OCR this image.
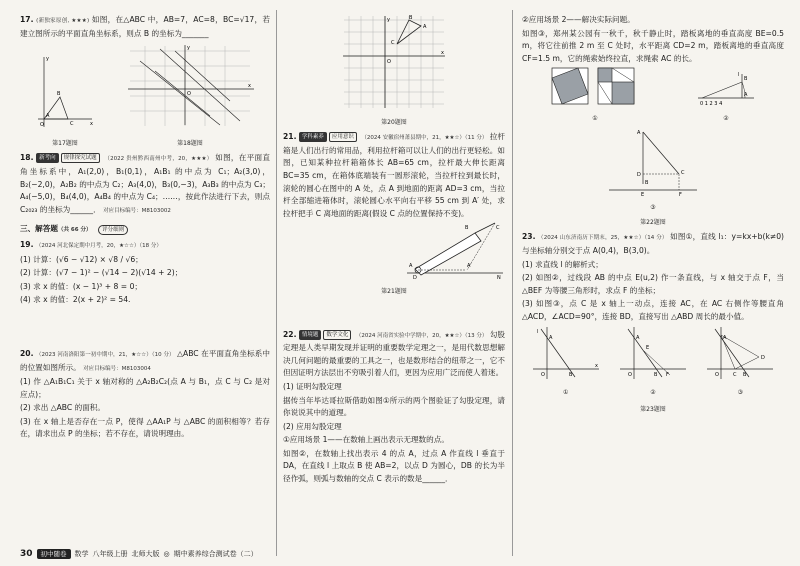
17. (新独家原创, ★★★) 如图，在△ABC 中，AB=7，AC=8，BC=√17，若建立图所示的平面直角坐标系，则点 B 的坐标为_______

O	C
B
A
x
y
第17题图
x
y
O
第18题图

18. 新考向 规律探究试题 （2022 贵州黔西南州中考，20，★★★） 如图，在平面直角坐标系中，A₁(2,0)，B₁(0,1)，A₁B₁ 的中点为 C₁；A₂(3,0)，B₂(−2,0)，A₂B₂ 的中点为 C₂；A₃(4,0)，B₃(0,−3)，A₃B₃ 的中点为 C₃；A₄(−5,0)，B₄(4,0)，A₄B₄ 的中点为 C₄；……，按此作法进行下去，则点 C₂₀₂₃ 的坐标为______． 对应目标编号：M8103002

三、解答题（共 66 分） 评分细则

19. （2024 河北保定期中月考，20，★☆☆）（18 分）

(1) 计算：(√6 − √12) × √8 / √6；

(2) 计算：(√7 − 1)² − (√14 − 2)(√14 + 2)；

(3) 求 x 的值：(x − 1)³ + 8 = 0；

(4) 求 x 的值：2(x + 2)² = 54.

20. （2023 河南洛阳第一初中期中，21，★☆☆）（10 分） △ABC 在平面直角坐标系中的位置如图所示。 对应目标编号：M8103004

(1) 作 △A₁B₁C₁ 关于 x 轴对称的 △A₂B₂C₂(点 A 与 B₁，点 C 与 C₂ 是对应点)；

(2) 求出 △ABC 的面积。

(3) 在 x 轴上是否存在一点 P，使得 △AA₁P 与 △ABC 的面积相等？若存在，请求出点 P 的坐标；若不存在，请说明理由。

O
x
y
A
B
C
第20题图

21. 学科素养 应用意识 （2024 安徽宿州萧县期中，21，★★☆）（11 分） 拉杆箱是人们出行的常用品，利用拉杆箱可以让人们的出行更轻松。如图，已知某种拉杆箱箱体长 AB=65 cm，拉杆最大伸长距离 BC=35 cm，在箱体底端装有一圆形滚轮，当拉杆拉到最长时，滚轮的圆心在图中的 A 处，点 A 到地面的距离 AD=3 cm，当拉杆全部缩进箱体时，滚轮圆心水平向右平移 55 cm 到 A′ 处，求拉杆把手 C 离地面的距离(假设 C 点的位置保持不变)。

C
B
A	A′
D	N
第21题图

22. 情境题 数学文化 （2024 河南省实验中学期中，20，★★☆）（13 分） 勾股定理是人类早期发现并证明的重要数学定理之一，是用代数思想解决几何问题的最重要的工具之一，也是数形结合的纽带之一，它不但因证明方法层出不穷吸引着人们，更因为应用广泛而使人着迷。

(1) 证明勾股定理

据传当年毕达哥拉斯借助如图①所示的两个图验证了勾股定理，请你说说其中的道理。

(2) 应用勾股定理

①应用场景 1——在数轴上画出表示无理数的点。

如图②，在数轴上找出表示 4 的点 A，过点 A 作直线 l 垂直于 DA，在直线 l 上取点 B 使 AB=2，以点 D 为圆心，DB 的长为半径作弧，则弧与数轴的交点 C 表示的数是______．

②应用场景 2——解决实际问题。

如图③，郑州某公园有一秋千，秋千静止时，踏板离地的垂直高度 BE=0.5 m，将它往前推 2 m 至 C 处时，水平距离 CD=2 m，踏板离地的垂直高度 CF=1.5 m，它的绳索始终拉直，求绳索 AC 的长。

①
0 1 2 3 4
B
A
l
②
A
B
C
D
E	F
③
第22题图

23. （2024 山东济南历下期末，25，★★☆）（14 分） 如图①，直线 l₁：y=kx+b(k≠0) 与坐标轴分别交于点 A(0,4)，B(3,0)。

(1) 求直线 l 的解析式；

(2) 如图②，过线段 AB 的中点 E(u,2) 作一条直线，与 x 轴交于点 F，当 △BEF 为等腰三角形时，求点 F 的坐标；

(3) 如图③，点 C 是 x 轴上一动点，连接 AC，在 AC 右侧作等腰直角 △ACD，∠ACD=90°，连接 BD，直接写出 △ABD 周长的最小值。

O	B
A
l
x
①
O	B F
E
A
②
O	C B
D
A
③
第23题图
30	初中随卷	数学 八年级上册 北师大版 ◎ 期中素养综合测试卷（二）
